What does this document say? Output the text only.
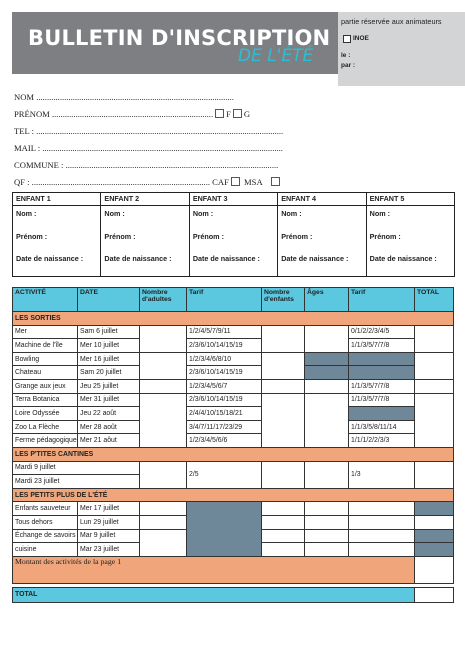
BULLETIN D'INSCRIPTION
DE L'ÉTÉ
partie réservée aux animateurs
INOE
le :
par :
NOM ............................................................................................
PRÉNOM ........................................................................... F G
TEL : ...................................................................................................................
MAIL : ................................................................................................................
COMMUNE : ...................................................................................................
QF : ................................................................................... CAF MSA
ENFANT 1
Nom :
Prénom :
Date de naissance :
ENFANT 2
Nom :
Prénom :
Date de naissance :
ENFANT 3
Nom :
Prénom :
Date de naissance :
ENFANT 4
Nom :
Prénom :
Date de naissance :
ENFANT 5
Nom :
Prénom :
Date de naissance :
ACTIVITÉ	DATE	Nombre d'adultes	Tarif	Nombre d'enfants	Âges	Tarif	TOTAL
LES SORTIES							
Mer	Sam 6 juillet		1/2/4/5/7/9/11			0/1/2/2/3/4/5	
Machine de l'île	Mer 10 juillet		2/3/6/10/14/15/19			1/1/3/5/7/7/8	
Bowling	Mer 16 juillet		1/2/3/4/6/8/10				
Chateau	Sam 20 juillet		2/3/6/10/14/15/19				
Grange aux jeux	Jeu 25 juillet		1/2/3/4/5/6/7			1/1/3/5/7/7/8	
Terra Botanica	Mer 31 juillet		2/3/6/10/14/15/19			1/1/3/5/7/7/8	
Loire Odyssée	Jeu 22 août		2/4/4/10/15/18/21				
Zoo La Flèche	Mer 28 août		3/4/7/11/17/23/29			1/1/3/5/8/11/14	
Ferme pédagogique	Mer 21 aôut		1/2/3/4/5/6/6			1/1/1/2/2/3/3	
LES P'TITES CANTINES							
Mardi 9 juillet			2/5			1/3	
Mardi 23 juillet							
LES PETITS PLUS DE L'ÉTÉ							
Enfants sauveteur	Mer 17 juillet						
Tous dehors	Lun 29 juillet						
Échange de savoirs	Mar 9 juillet						
cuisine	Mar 23 juillet						
Montant des activités de la page 1							

TOTAL							
